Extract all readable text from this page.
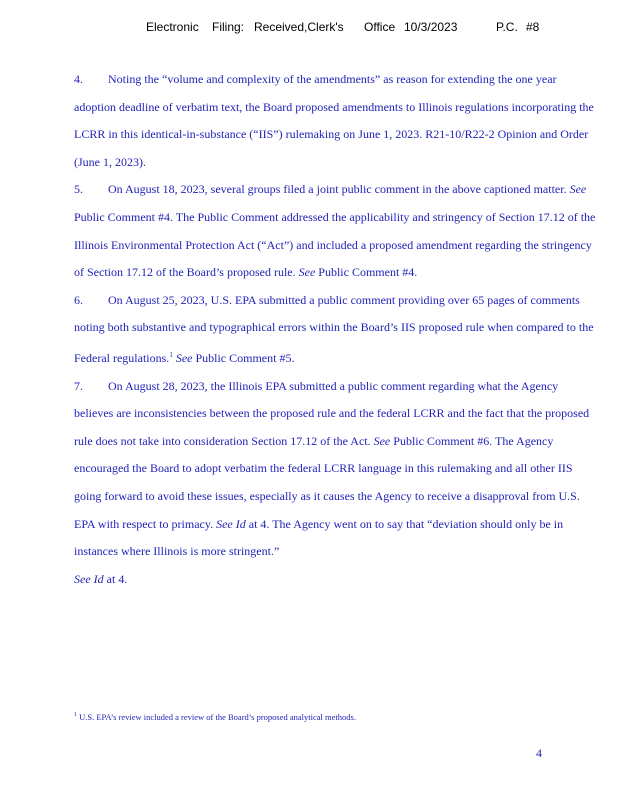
Electronic Filing: Received,Clerk's Office 10/3/2023	P.C. #8

4. Noting the “volume and complexity of the amendments” as reason for extending the one year adoption deadline of verbatim text, the Board proposed amendments to Illinois regulations incorporating the LCRR in this identical-in-substance (“IIS”) rulemaking on June 1, 2023. R21-10/R22-2 Opinion and Order (June 1, 2023).

5. On August 18, 2023, several groups filed a joint public comment in the above captioned matter. See Public Comment #4. The Public Comment addressed the applicability and stringency of Section 17.12 of the Illinois Environmental Protection Act (“Act”) and included a proposed amendment regarding the stringency of Section 17.12 of the Board’s proposed rule. See Public Comment #4.

6. On August 25, 2023, U.S. EPA submitted a public comment providing over 65 pages of comments noting both substantive and typographical errors within the Board’s IIS proposed rule when compared to the Federal regulations.$^1$ See Public Comment #5.

7. On August 28, 2023, the Illinois EPA submitted a public comment regarding what the Agency believes are inconsistencies between the proposed rule and the federal LCRR and the fact that the proposed rule does not take into consideration Section 17.12 of the Act. See Public Comment #6. The Agency encouraged the Board to adopt verbatim the federal LCRR language in this rulemaking and all other IIS going forward to avoid these issues, especially as it causes the Agency to receive a disapproval from U.S. EPA with respect to primacy. See Id at 4. The Agency went on to say that “deviation should only be in instances where Illinois is more stringent.”
See Id at 4.

$^1$ U.S. EPA’s review included a review of the Board’s proposed analytical methods.
4
